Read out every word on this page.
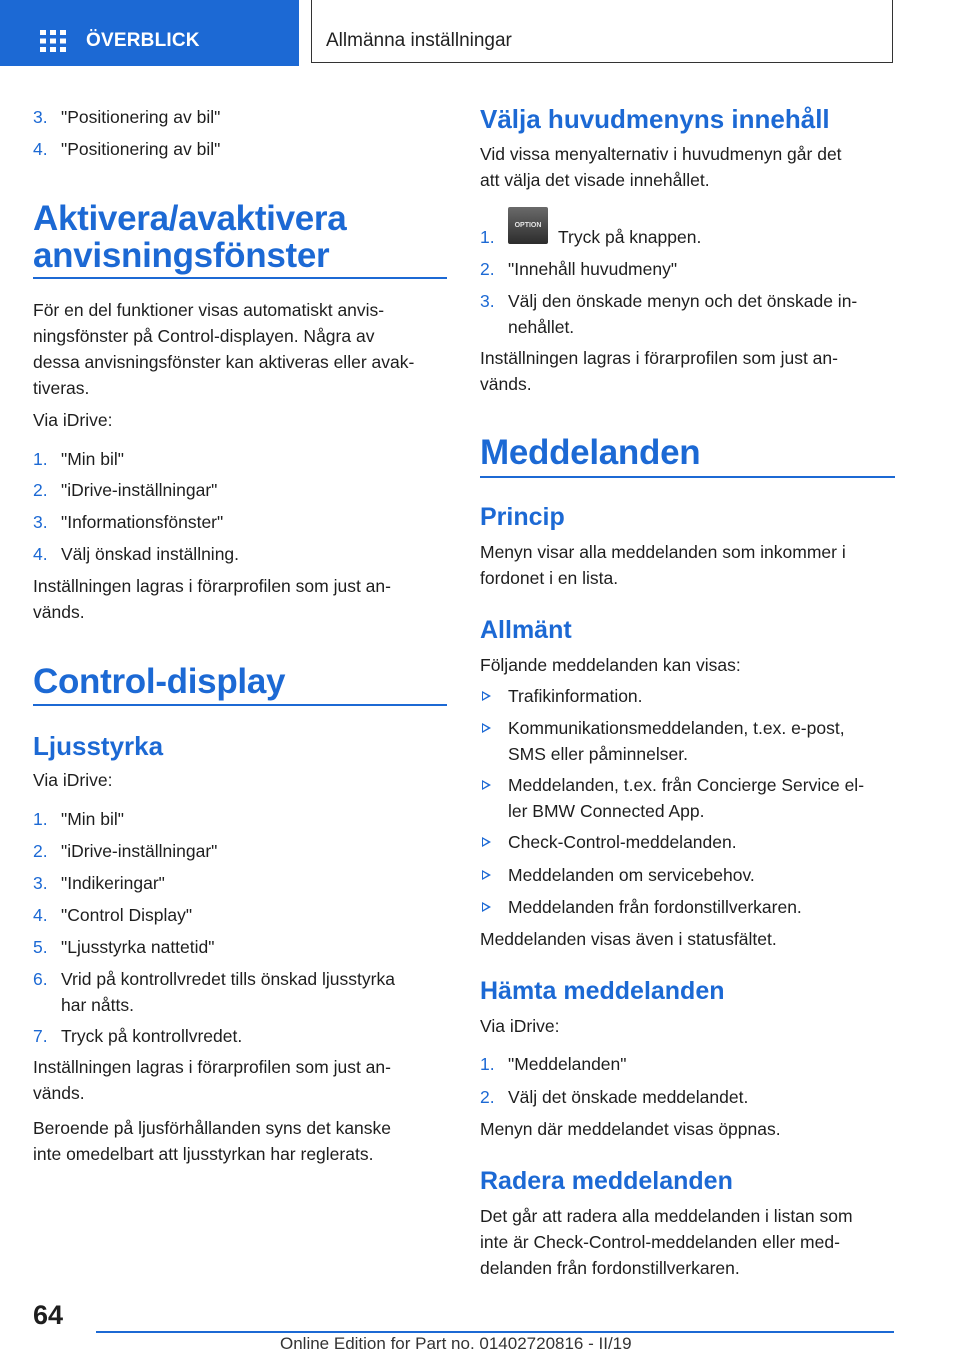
ÖVERBLICK	Allmänna inställningar
3. "Positionering av bil"
4. "Positionering av bil"
Aktivera/avaktivera
anvisningsfönster
För en del funktioner visas automatiskt anvis-
ningsfönster på Control-displayen. Några av
dessa anvisningsfönster kan aktiveras eller avak-
tiveras.
Via iDrive:
1. "Min bil"
2. "iDrive-inställningar"
3. "Informationsfönster"
4. Välj önskad inställning.
Inställningen lagras i förarprofilen som just an-
vänds.
Control-display
Ljusstyrka
Via iDrive:
1. "Min bil"
2. "iDrive-inställningar"
3. "Indikeringar"
4. "Control Display"
5. "Ljusstyrka nattetid"
6. Vrid på kontrollvredet tills önskad ljusstyrka
har nåtts.
7. Tryck på kontrollvredet.
Inställningen lagras i förarprofilen som just an-
vänds.
Beroende på ljusförhållanden syns det kanske
inte omedelbart att ljusstyrkan har reglerats.
Välja huvudmenyns innehåll
Vid vissa menyalternativ i huvudmenyn går det
att välja det visade innehållet.
1.
OPTION
Tryck på knappen.
2. "Innehåll huvudmeny"
3. Välj den önskade menyn och det önskade in-
nehållet.
Inställningen lagras i förarprofilen som just an-
vänds.
Meddelanden
Princip
Menyn visar alla meddelanden som inkommer i
fordonet i en lista.
Allmänt
Följande meddelanden kan visas:
Trafikinformation.
Kommunikationsmeddelanden, t.ex. e-post,
SMS eller påminnelser.
Meddelanden, t.ex. från Concierge Service el-
ler BMW Connected App.
Check-Control-meddelanden.
Meddelanden om servicebehov.
Meddelanden från fordonstillverkaren.
Meddelanden visas även i statusfältet.
Hämta meddelanden
Via iDrive:
1. "Meddelanden"
2. Välj det önskade meddelandet.
Menyn där meddelandet visas öppnas.
Radera meddelanden
Det går att radera alla meddelanden i listan som
inte är Check-Control-meddelanden eller med-
delanden från fordonstillverkaren.
64
Online Edition for Part no. 01402720816 - II/19
